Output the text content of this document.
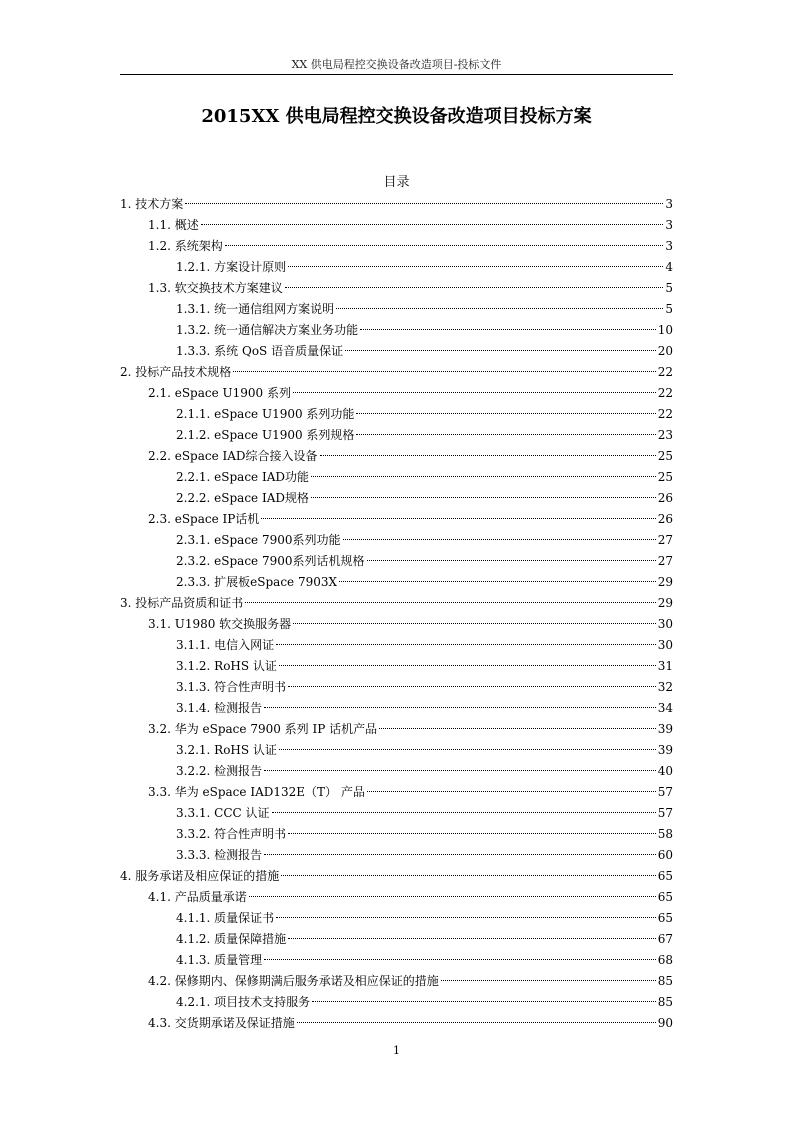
XX 供电局程控交换设备改造项目-投标文件
2015XX 供电局程控交换设备改造项目投标方案
目录
1. 技术方案	3
1.1. 概述	3
1.2. 系统架构	3
1.2.1. 方案设计原则	4
1.3. 软交换技术方案建议	5
1.3.1. 统一通信组网方案说明	5
1.3.2. 统一通信解决方案业务功能	10
1.3.3. 系统 QoS 语音质量保证	20
2. 投标产品技术规格	22
2.1. eSpace U1900 系列	22
2.1.1. eSpace U1900 系列功能	22
2.1.2. eSpace U1900 系列规格	23
2.2. eSpace IAD综合接入设备	25
2.2.1. eSpace IAD功能	25
2.2.2. eSpace IAD规格	26
2.3. eSpace IP话机	26
2.3.1. eSpace 7900系列功能	27
2.3.2. eSpace 7900系列话机规格	27
2.3.3. 扩展板eSpace 7903X	29
3. 投标产品资质和证书	29
3.1. U1980 软交换服务器	30
3.1.1. 电信入网证	30
3.1.2. RoHS 认证	31
3.1.3. 符合性声明书	32
3.1.4. 检测报告	34
3.2. 华为 eSpace 7900 系列 IP 话机产品	39
3.2.1. RoHS 认证	39
3.2.2. 检测报告	40
3.3. 华为 eSpace IAD132E（T） 产品	57
3.3.1. CCC 认证	57
3.3.2. 符合性声明书	58
3.3.3. 检测报告	60
4. 服务承诺及相应保证的措施	65
4.1. 产品质量承诺	65
4.1.1. 质量保证书	65
4.1.2. 质量保障措施	67
4.1.3. 质量管理	68
4.2. 保修期内、保修期满后服务承诺及相应保证的措施	85
4.2.1. 项目技术支持服务	85
4.3. 交货期承诺及保证措施	90
1
